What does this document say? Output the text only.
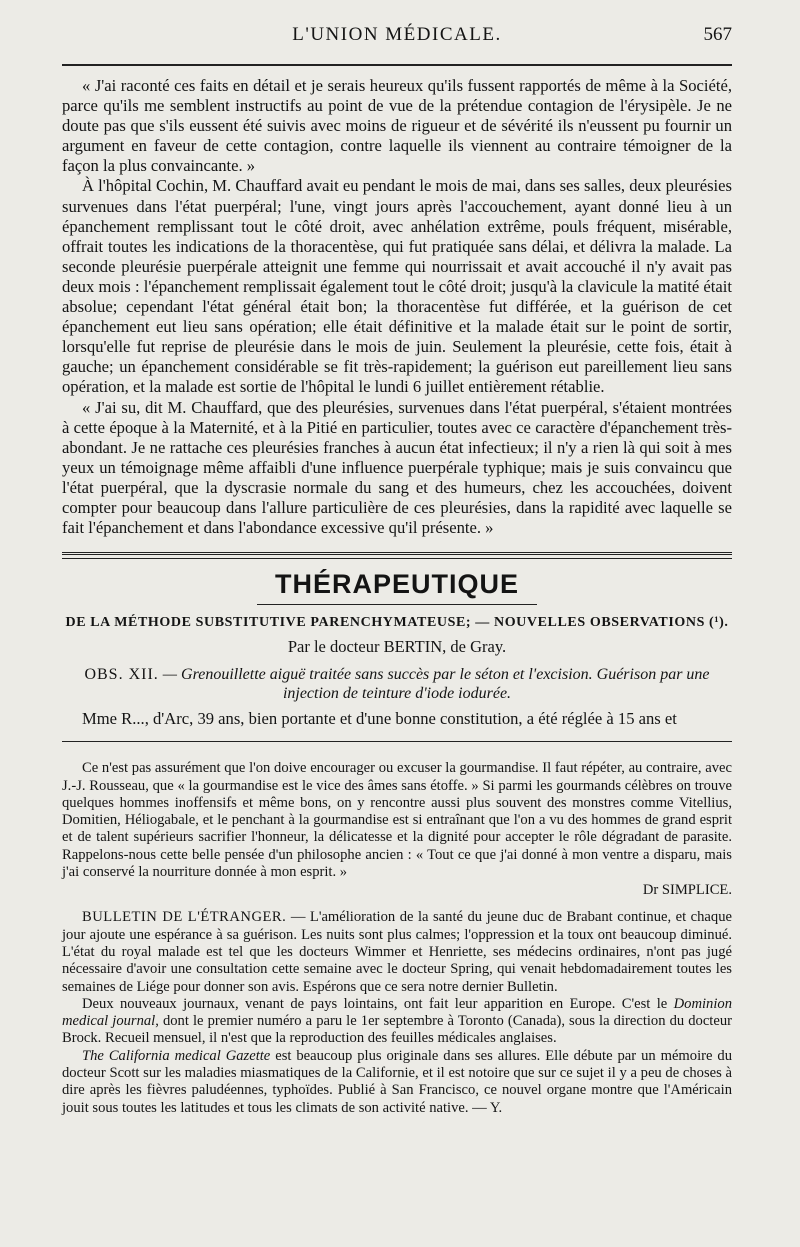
L'UNION MÉDICALE.	567

« J'ai raconté ces faits en détail et je serais heureux qu'ils fussent rapportés de même à la Société, parce qu'ils me semblent instructifs au point de vue de la prétendue contagion de l'érysipèle. Je ne doute pas que s'ils eussent été suivis avec moins de rigueur et de sévérité ils n'eussent pu fournir un argument en faveur de cette contagion, contre laquelle ils viennent au contraire témoigner de la façon la plus convaincante. »

À l'hôpital Cochin, M. Chauffard avait eu pendant le mois de mai, dans ses salles, deux pleurésies survenues dans l'état puerpéral; l'une, vingt jours après l'accouchement, ayant donné lieu à un épanchement remplissant tout le côté droit, avec anhélation extrême, pouls fréquent, misérable, offrait toutes les indications de la thoracentèse, qui fut pratiquée sans délai, et délivra la malade. La seconde pleurésie puerpérale atteignit une femme qui nourrissait et avait accouché il n'y avait pas deux mois : l'épanchement remplissait également tout le côté droit; jusqu'à la clavicule la matité était absolue; cependant l'état général était bon; la thoracentèse fut différée, et la guérison de cet épanchement eut lieu sans opération; elle était définitive et la malade était sur le point de sortir, lorsqu'elle fut reprise de pleurésie dans le mois de juin. Seulement la pleurésie, cette fois, était à gauche; un épanchement considérable se fit très-rapidement; la guérison eut pareillement lieu sans opération, et la malade est sortie de l'hôpital le lundi 6 juillet entièrement rétablie.

« J'ai su, dit M. Chauffard, que des pleurésies, survenues dans l'état puerpéral, s'étaient montrées à cette époque à la Maternité, et à la Pitié en particulier, toutes avec ce caractère d'épanchement très-abondant. Je ne rattache ces pleurésies franches à aucun état infectieux; il n'y a rien là qui soit à mes yeux un témoignage même affaibli d'une influence puerpérale typhique; mais je suis convaincu que l'état puerpéral, que la dyscrasie normale du sang et des humeurs, chez les accouchées, doivent compter pour beaucoup dans l'allure particulière de ces pleurésies, dans la rapidité avec laquelle se fait l'épanchement et dans l'abondance excessive qu'il présente. »

THÉRAPEUTIQUE
DE LA MÉTHODE SUBSTITUTIVE PARENCHYMATEUSE; — NOUVELLES OBSERVATIONS (¹).
Par le docteur BERTIN, de Gray.
OBS. XII. — Grenouillette aiguë traitée sans succès par le séton et l'excision. Guérison par une injection de teinture d'iode iodurée.

Mme R..., d'Arc, 39 ans, bien portante et d'une bonne constitution, a été réglée à 15 ans et

Ce n'est pas assurément que l'on doive encourager ou excuser la gourmandise. Il faut répéter, au contraire, avec J.-J. Rousseau, que « la gourmandise est le vice des âmes sans étoffe. » Si parmi les gourmands célèbres on trouve quelques hommes inoffensifs et même bons, on y rencontre aussi plus souvent des monstres comme Vitellius, Domitien, Héliogabale, et le penchant à la gourmandise est si entraînant que l'on a vu des hommes de grand esprit et de talent supérieurs sacrifier l'honneur, la délicatesse et la dignité pour accepter le rôle dégradant de parasite. Rappelons-nous cette belle pensée d'un philosophe ancien : « Tout ce que j'ai donné à mon ventre a disparu, mais j'ai conservé la nourriture donnée à mon esprit. »

Dr SIMPLICE.

BULLETIN DE L'ÉTRANGER. — L'amélioration de la santé du jeune duc de Brabant continue, et chaque jour ajoute une espérance à sa guérison. Les nuits sont plus calmes; l'oppression et la toux ont beaucoup diminué. L'état du royal malade est tel que les docteurs Wimmer et Henriette, ses médecins ordinaires, n'ont pas jugé nécessaire d'avoir une consultation cette semaine avec le docteur Spring, qui venait hebdomadairement toutes les semaines de Liége pour donner son avis. Espérons que ce sera notre dernier Bulletin.

Deux nouveaux journaux, venant de pays lointains, ont fait leur apparition en Europe. C'est le Dominion medical journal, dont le premier numéro a paru le 1er septembre à Toronto (Canada), sous la direction du docteur Brock. Recueil mensuel, il n'est que la reproduction des feuilles médicales anglaises.

The California medical Gazette est beaucoup plus originale dans ses allures. Elle débute par un mémoire du docteur Scott sur les maladies miasmatiques de la Californie, et il est notoire que sur ce sujet il y a peu de choses à dire après les fièvres paludéennes, typhoïdes. Publié à San Francisco, ce nouvel organe montre que l'Américain jouit sous toutes les latitudes et tous les climats de son activité native. — Y.
